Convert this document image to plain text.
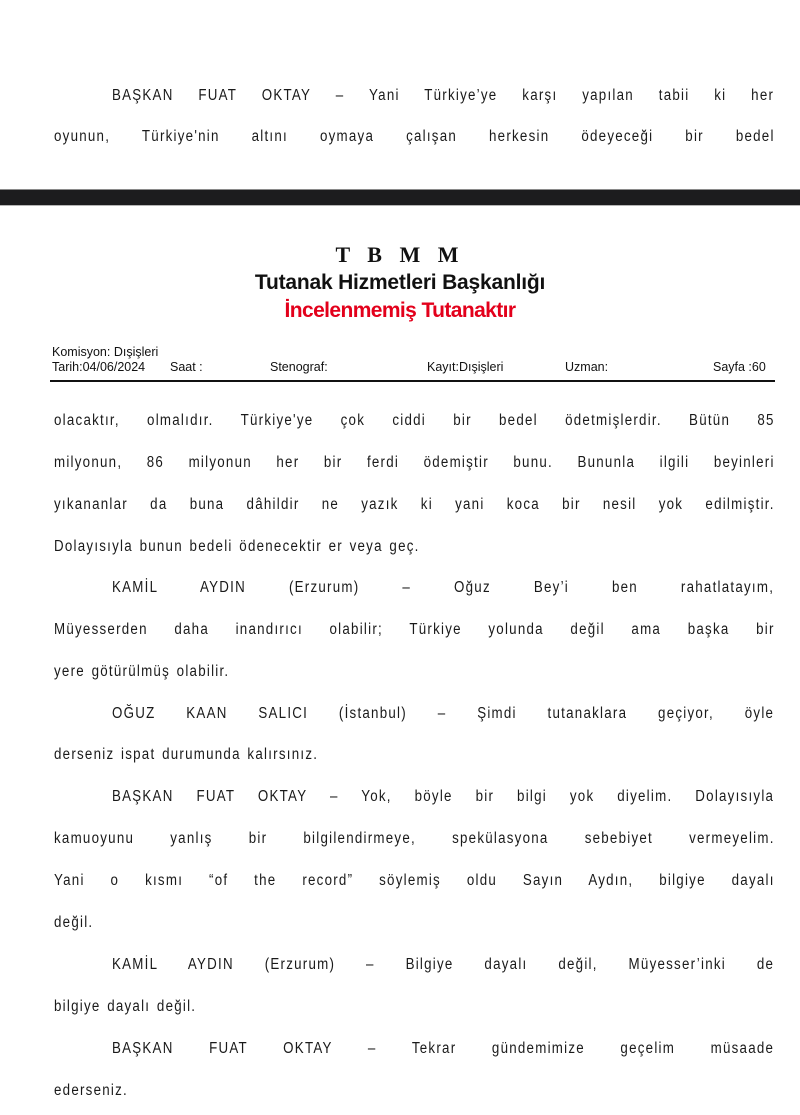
BAŞKAN FUAT OKTAY – Yani Türkiye’ye karşı yapılan tabii ki her
oyunun, Türkiye'nin altını oymaya çalışan herkesin ödeyeceği bir bedel
T B M M
Tutanak Hizmetleri Başkanlığı
İncelenmemiş Tutanaktır
Komisyon: Dışişleri
Tarih:04/06/2024 Saat :	Stenograf:	Kayıt:Dışişleri	Uzman:	Sayfa :60
olacaktır, olmalıdır. Türkiye'ye çok ciddi bir bedel ödetmişlerdir. Bütün 85
milyonun, 86 milyonun her bir ferdi ödemiştir bunu. Bununla ilgili beyinleri
yıkananlar da buna dâhildir ne yazık ki yani koca bir nesil yok edilmiştir.
Dolayısıyla bunun bedeli ödenecektir er veya geç.
KAMİL AYDIN (Erzurum) – Oğuz Bey’i ben rahatlatayım,
Müyesserden daha inandırıcı olabilir; Türkiye yolunda değil ama başka bir
yere götürülmüş olabilir.
OĞUZ KAAN SALICI (İstanbul) – Şimdi tutanaklara geçiyor, öyle
derseniz ispat durumunda kalırsınız.
BAŞKAN FUAT OKTAY – Yok, böyle bir bilgi yok diyelim. Dolayısıyla
kamuoyunu yanlış bir bilgilendirmeye, spekülasyona sebebiyet vermeyelim.
Yani o kısmı “of the record” söylemiş oldu Sayın Aydın, bilgiye dayalı
değil.
KAMİL AYDIN (Erzurum) – Bilgiye dayalı değil, Müyesser’inki de
bilgiye dayalı değil.
BAŞKAN FUAT OKTAY – Tekrar gündemimize geçelim müsaade
ederseniz.
